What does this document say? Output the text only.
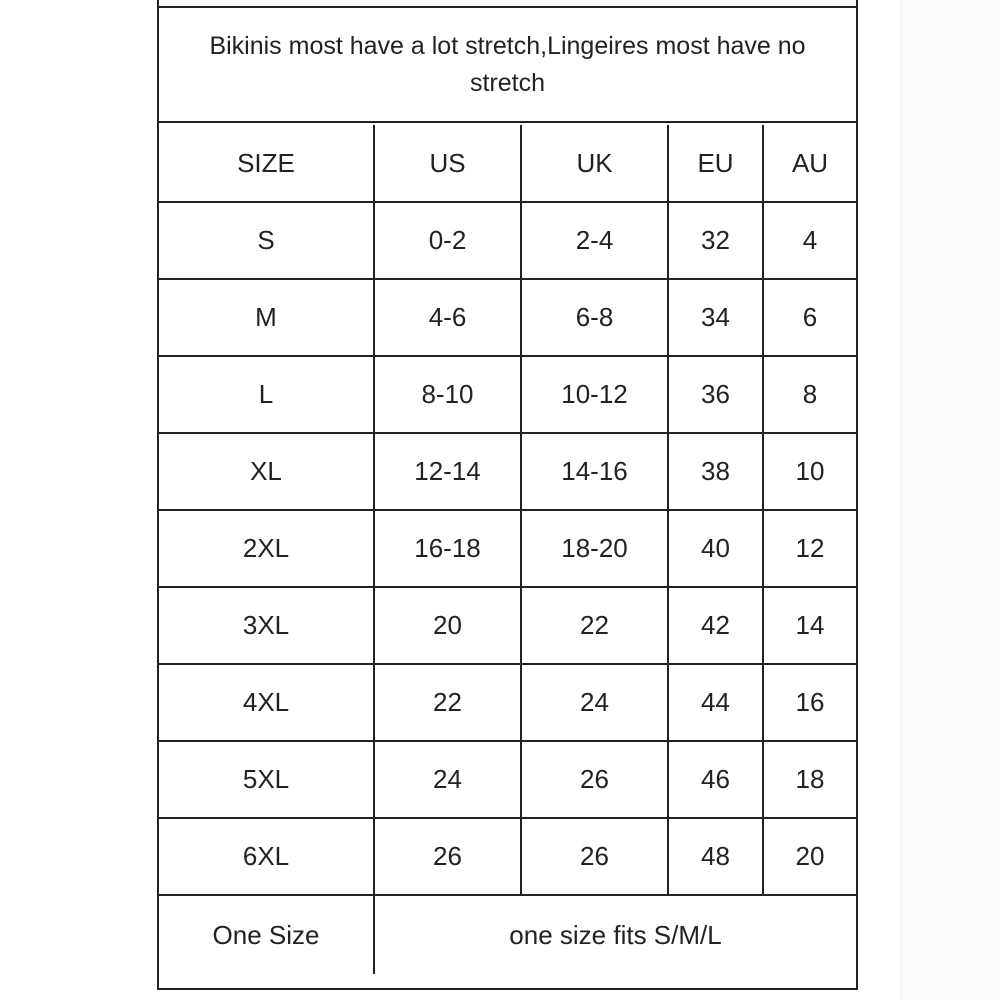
Bikinis most have a lot stretch,Lingeires most have no stretch
SIZE	US	UK	EU	AU
S	0-2	2-4	32	4
M	4-6	6-8	34	6
L	8-10	10-12	36	8
XL	12-14	14-16	38	10
2XL	16-18	18-20	40	12
3XL	20	22	42	14
4XL	22	24	44	16
5XL	24	26	46	18
6XL	26	26	48	20
One Size	one size fits S/M/L			
